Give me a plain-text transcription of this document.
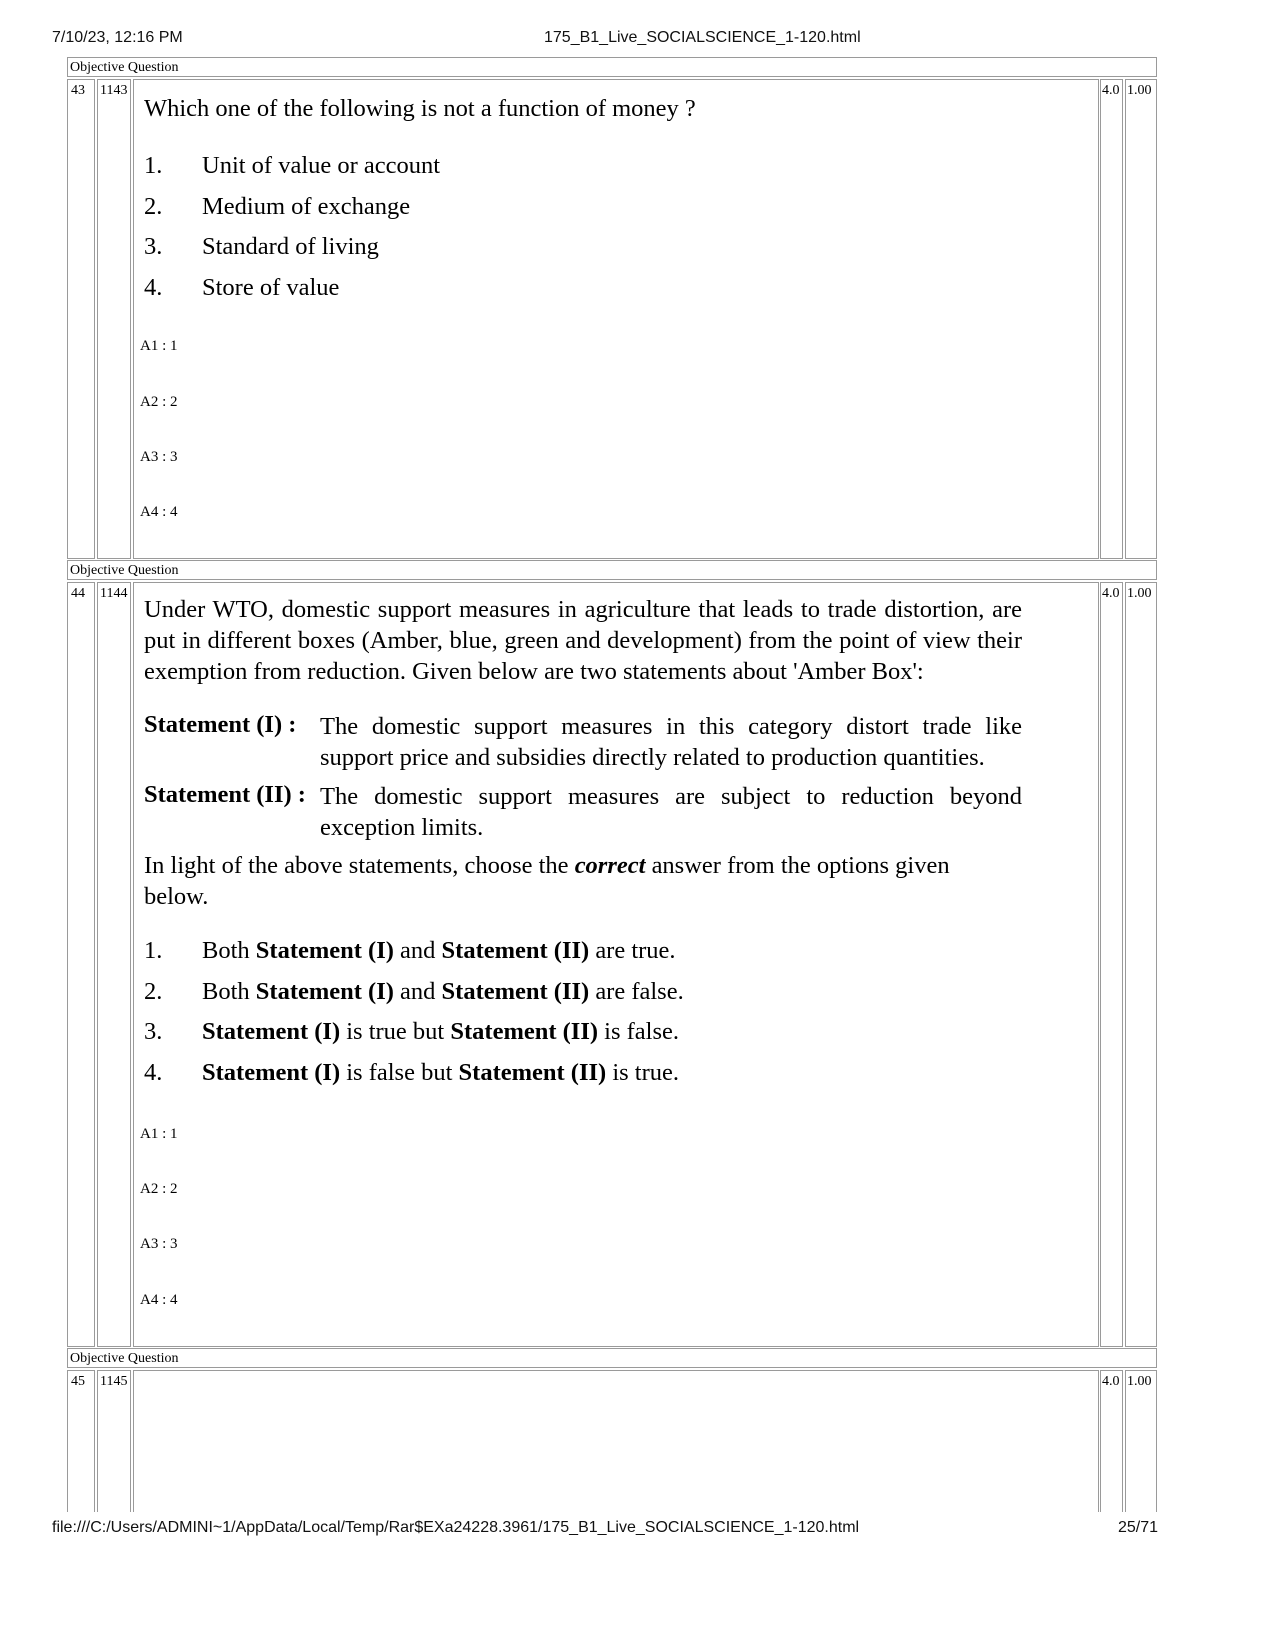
7/10/23, 12:16 PM	175_B1_Live_SOCIALSCIENCE_1-120.html
Objective Question
43 1143	4.0 1.00
Which one of the following is not a function of money ?
1. Unit of value or account
2. Medium of exchange
3. Standard of living
4. Store of value
A1 : 1
A2 : 2
A3 : 3
A4 : 4
Objective Question
44 1144	4.0 1.00
Under WTO, domestic support measures in agriculture that leads to trade distortion, are put in different boxes (Amber, blue, green and development) from the point of view their exemption from reduction. Given below are two statements about 'Amber Box':
Statement (I) : The domestic support measures in this category distort trade like support price and subsidies directly related to production quantities.
Statement (II) : The domestic support measures are subject to reduction beyond exception limits.
In light of the above statements, choose the correct answer from the options given below.
1. Both Statement (I) and Statement (II) are true.
2. Both Statement (I) and Statement (II) are false.
3. Statement (I) is true but Statement (II) is false.
4. Statement (I) is false but Statement (II) is true.
A1 : 1
A2 : 2
A3 : 3
A4 : 4
Objective Question
45 1145	4.0 1.00
file:///C:/Users/ADMINI~1/AppData/Local/Temp/Rar$EXa24228.3961/175_B1_Live_SOCIALSCIENCE_1-120.html	25/71
